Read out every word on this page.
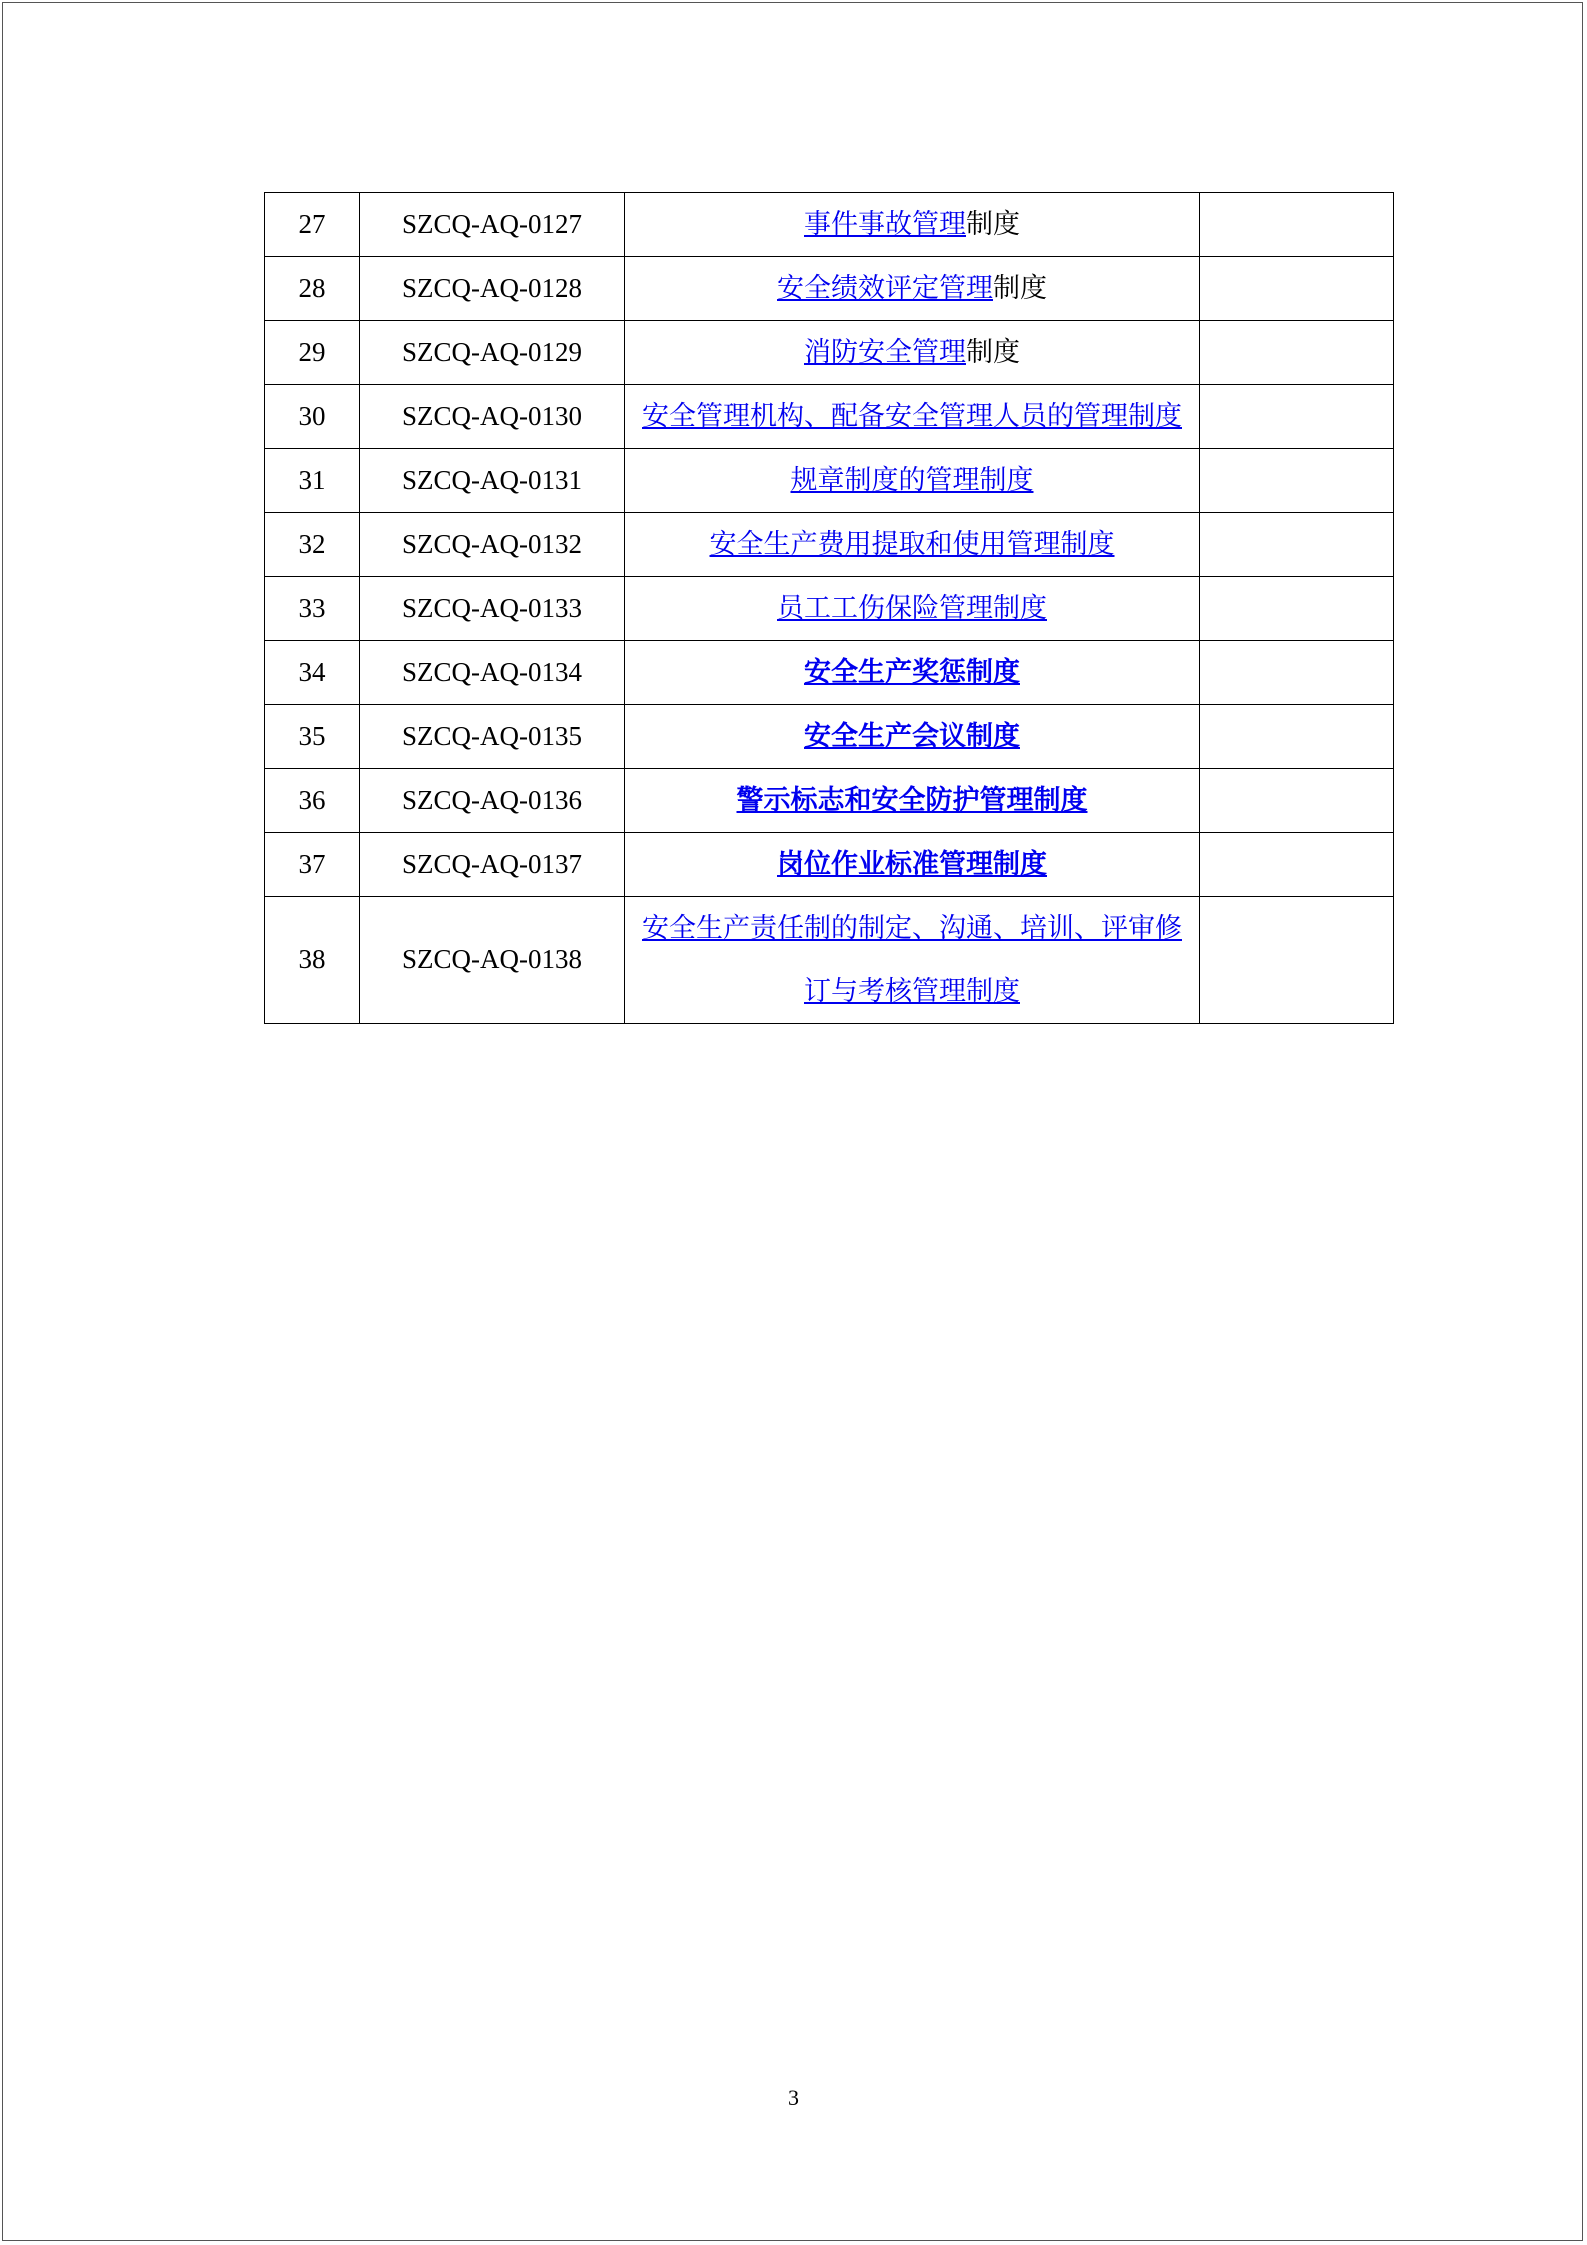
27	SZCQ-AQ-0127	事件事故管理制度	
28	SZCQ-AQ-0128	安全绩效评定管理制度	
29	SZCQ-AQ-0129	消防安全管理制度	
30	SZCQ-AQ-0130	安全管理机构、配备安全管理人员的管理制度	
31	SZCQ-AQ-0131	规章制度的管理制度	
32	SZCQ-AQ-0132	安全生产费用提取和使用管理制度	
33	SZCQ-AQ-0133	员工工伤保险管理制度	
34	SZCQ-AQ-0134	安全生产奖惩制度	
35	SZCQ-AQ-0135	安全生产会议制度	
36	SZCQ-AQ-0136	警示标志和安全防护管理制度	
37	SZCQ-AQ-0137	岗位作业标准管理制度	
38	SZCQ-AQ-0138	安全生产责任制的制定、沟通、培训、评审修订与考核管理制度	
3
